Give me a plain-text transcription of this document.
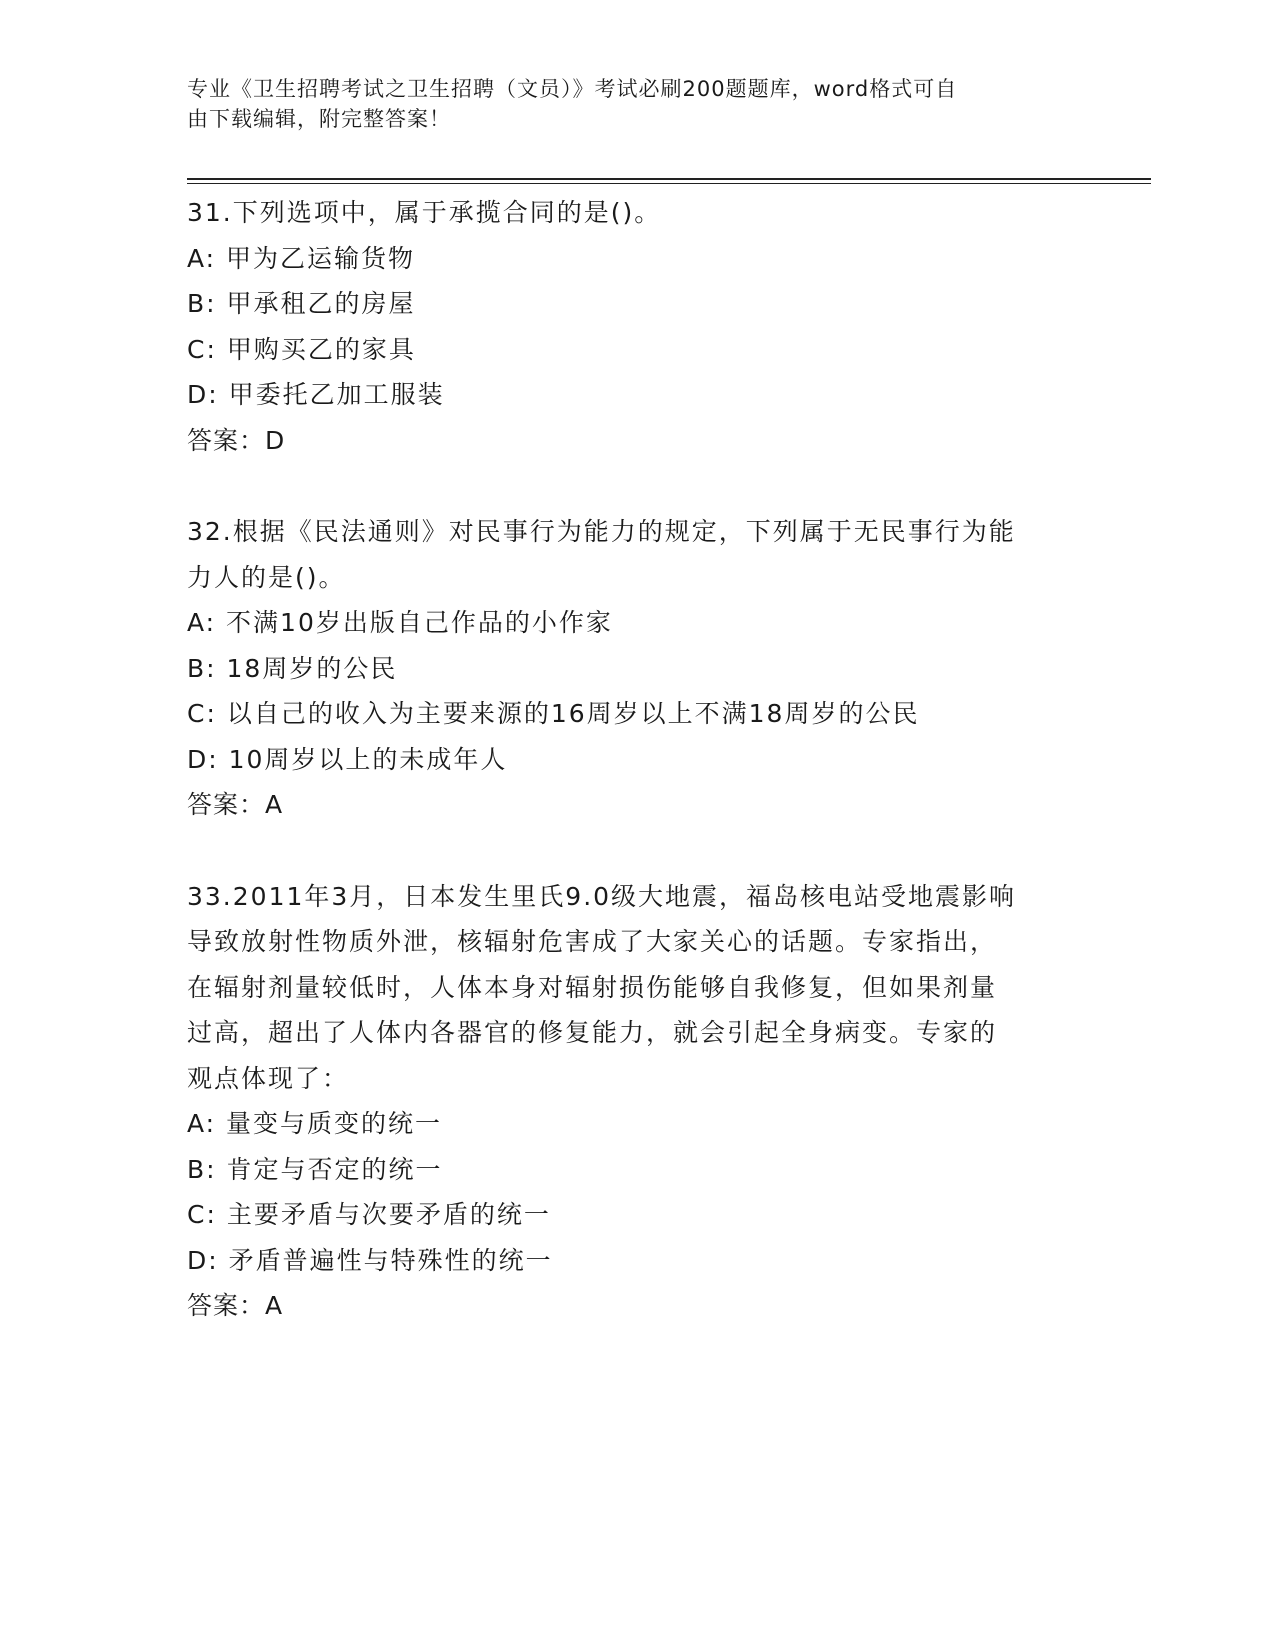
专业《卫生招聘考试之卫生招聘（文员）》考试必刷200题题库，word格式可自
由下载编辑，附完整答案！
31.下列选项中，属于承揽合同的是()。
A: 甲为乙运输货物
B: 甲承租乙的房屋
C: 甲购买乙的家具
D: 甲委托乙加工服装
答案：D
32.根据《民法通则》对民事行为能力的规定，下列属于无民事行为能
力人的是()。
A: 不满10岁出版自己作品的小作家
B: 18周岁的公民
C: 以自己的收入为主要来源的16周岁以上不满18周岁的公民
D: 10周岁以上的未成年人
答案：A
33.2011年3月，日本发生里氏9.0级大地震，福岛核电站受地震影响
导致放射性物质外泄，核辐射危害成了大家关心的话题。专家指出，
在辐射剂量较低时，人体本身对辐射损伤能够自我修复，但如果剂量
过高，超出了人体内各器官的修复能力，就会引起全身病变。专家的
观点体现了：
A: 量变与质变的统一
B: 肯定与否定的统一
C: 主要矛盾与次要矛盾的统一
D: 矛盾普遍性与特殊性的统一
答案：A
